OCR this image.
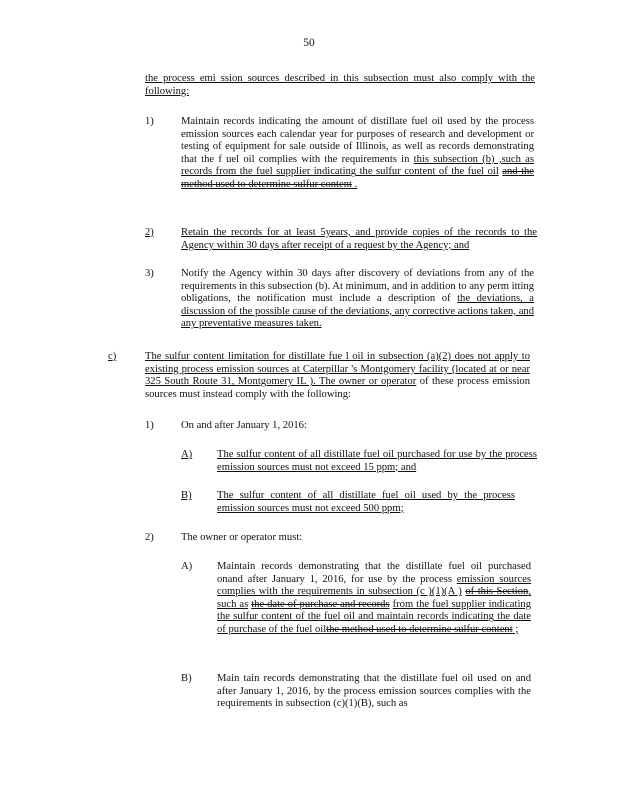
50
the process emi ssion sources described in this subsection must also comply with the following:
1)	Maintain records indicating the amount of distillate fuel oil used by the process emission sources each calendar year for purposes of research and development or testing of equipment for sale outside of Illinois, as well as records demonstrating that the f uel oil complies with the requirements in this subsection (b) ,such as records from the fuel supplier indicating the sulfur content of the fuel oil and the method used to determine sulfur content .
2)	Retain the records for at least 5years, and provide copies of the records to the Agency within 30 days after receipt of a request by the Agency; and
3)	Notify the Agency within 30 days after discovery of deviations from any of the requirements in this subsection (b). At minimum, and in addition to any perm itting obligations, the notification must include a description of the deviations, a discussion of the possible cause of the deviations, any corrective actions taken, and any preventative measures taken.
c)	The sulfur content limitation for distillate fue l oil in subsection (a)(2) does not apply to existing process emission sources at Caterpillar 's Montgomery facility (located at or near 325 South Route 31, Montgomery IL ). The owner or operator of these process emission sources must instead comply with the following:
1)	On and after January 1, 2016:
A) The sulfur content of all distillate fuel oil purchased for use by the process emission sources must not exceed 15 ppm; and
B) The sulfur content of all distillate fuel oil used by the process emission sources must not exceed 500 ppm;
2)	The owner or operator must:
A) Maintain records demonstrating that the distillate fuel oil purchased onand after January 1, 2016, for use by the process emission sources complies with the requirements in subsection (c )(1)(A ) of this Section, such as the date of purchase and records from the fuel supplier indicating the sulfur content of the fuel oil and maintain records indicating the date of purchase of the fuel oilthe method used to determine sulfur content ;
B) Main tain records demonstrating that the distillate fuel oil used on and after January 1, 2016, by the process emission sources complies with the requirements in subsection (c)(1)(B), such as
